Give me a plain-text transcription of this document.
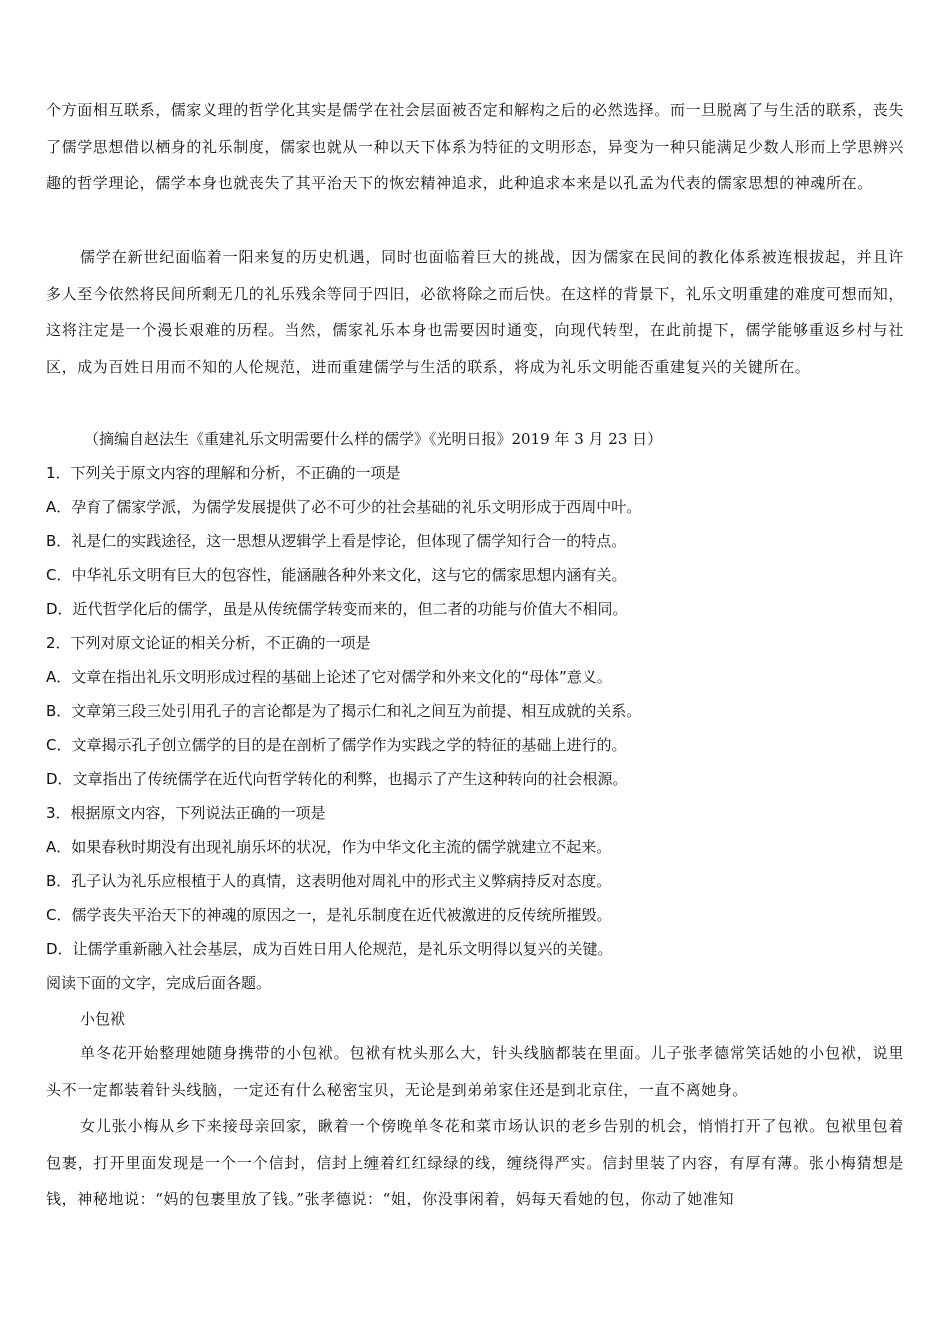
个方面相互联系，儒家义理的哲学化其实是儒学在社会层面被否定和解构之后的必然选择。而一旦脱离了与生活的联系，丧失了儒学思想借以栖身的礼乐制度，儒家也就从一种以天下体系为特征的文明形态，异变为一种只能满足少数人形而上学思辨兴趣的哲学理论，儒学本身也就丧失了其平治天下的恢宏精神追求，此种追求本来是以孔孟为代表的儒家思想的神魂所在。
儒学在新世纪面临着一阳来复的历史机遇，同时也面临着巨大的挑战，因为儒家在民间的教化体系被连根拔起，并且许多人至今依然将民间所剩无几的礼乐残余等同于四旧，必欲将除之而后快。在这样的背景下，礼乐文明重建的难度可想而知，这将注定是一个漫长艰难的历程。当然，儒家礼乐本身也需要因时通变，向现代转型，在此前提下，儒学能够重返乡村与社区，成为百姓日用而不知的人伦规范，进而重建儒学与生活的联系，将成为礼乐文明能否重建复兴的关键所在。
（摘编自赵法生《重建礼乐文明需要什么样的儒学》《光明日报》2019 年 3 月 23 日）
1．下列关于原文内容的理解和分析，不正确的一项是
A．孕育了儒家学派，为儒学发展提供了必不可少的社会基础的礼乐文明形成于西周中叶。
B．礼是仁的实践途径，这一思想从逻辑学上看是悖论，但体现了儒学知行合一的特点。
C．中华礼乐文明有巨大的包容性，能涵融各种外来文化，这与它的儒家思想内涵有关。
D．近代哲学化后的儒学，虽是从传统儒学转变而来的，但二者的功能与价值大不相同。
2．下列对原文论证的相关分析，不正确的一项是
A．文章在指出礼乐文明形成过程的基础上论述了它对儒学和外来文化的“母体”意义。
B．文章第三段三处引用孔子的言论都是为了揭示仁和礼之间互为前提、相互成就的关系。
C．文章揭示孔子创立儒学的目的是在剖析了儒学作为实践之学的特征的基础上进行的。
D．文章指出了传统儒学在近代向哲学转化的利弊，也揭示了产生这种转向的社会根源。
3．根据原文内容，下列说法正确的一项是
A．如果春秋时期没有出现礼崩乐坏的状况，作为中华文化主流的儒学就建立不起来。
B．孔子认为礼乐应根植于人的真情，这表明他对周礼中的形式主义弊病持反对态度。
C．儒学丧失平治天下的神魂的原因之一，是礼乐制度在近代被激进的反传统所摧毁。
D．让儒学重新融入社会基层，成为百姓日用人伦规范，是礼乐文明得以复兴的关键。
阅读下面的文字，完成后面各题。
小包袱
单冬花开始整理她随身携带的小包袱。包袱有枕头那么大，针头线脑都装在里面。儿子张孝德常笑话她的小包袱，说里头不一定都装着针头线脑，一定还有什么秘密宝贝，无论是到弟弟家住还是到北京住，一直不离她身。
女儿张小梅从乡下来接母亲回家，瞅着一个傍晚单冬花和菜市场认识的老乡告别的机会，悄悄打开了包袱。包袱里包着包裹，打开里面发现是一个一个信封，信封上缠着红红绿绿的线，缠绕得严实。信封里装了内容，有厚有薄。张小梅猜想是钱，神秘地说：“妈的包裹里放了钱。”张孝德说：“姐，你没事闲着，妈每天看她的包，你动了她准知
